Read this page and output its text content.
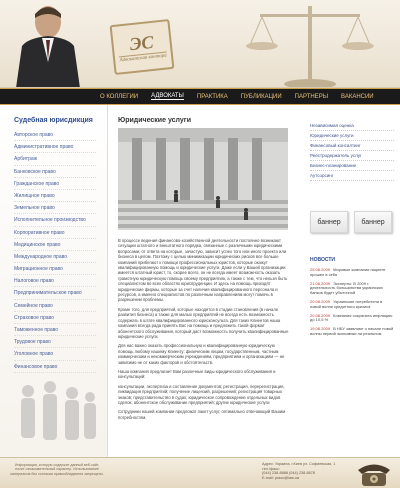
ЭС
Адвокатская контора
О КОЛЛЕГИИ АДВОКАТЫ ПРАКТИКА ПУБЛИКАЦИИ ПАРТНЕРЫ ВАКАНСИИ
Судебная юрисдикция
Авторское право
Административное право
Арбитраж
Банковское право
Гражданское право
Жилищное право
Земельное право
Исполнительное производство
Корпоративное право
Медицинское право
Международное право
Миграционное право
Налоговое право
Предпринимательское право
Семейное право
Страховое право
Таможенное право
Трудовое право
Уголовное право
Финансовое право
Юридические услуги

В процессе ведения финансово-хозяйственной деятельности постоянно возникают ситуации штатного и внештатного порядка, связанные с различными юридическими вопросами, от ответа на которые, зачастую, зависит успех того или иного проекта или бизнеса в целом. Поэтому с целью минимизации юридических рисков все больше компаний прибегают к помощи профессиональных юристов, которые окажут квалифицированную помощь и юридические услуги. Даже если у Вашей организации имеется штатный юрист, то, скорее всего, он не всегда имеет возможность оказать грамотную юридическую помощь своему предприятию, а также с тем, что нельзя быть специалистом во всех областях юриспруденции. И здесь на помощь приходят юридические фирмы, которые за счет наличия квалифицированного персонала и ресурсов, а именно специалистов по различным направлениям могут помочь в разрешении проблемы.

Кроме того, для предприятий, которые находятся в стадии становления (в начале развития бизнеса) а также для малых предприятий не всегда есть возможность содержать в штате квалифицированного юрисконсульта. Для таких Клиентов наша компания всегда рада принять Вас на помощь и предложить такой формат абонентского обслуживания, который даст возможность получить квалифицированные юридические услуги.

Для нас важно оказать профессиональную и квалифицированную юридическую помощь любому нашему Клиенту: физическим лицам, государственным, частным коммерческим и некоммерческим учреждениям, предприятиям и организациям — не зависимо не от каких факторов и обстоятельств.

Наша компания предлагает Вам различные виды юридического обслуживания и консультаций:

консультации, экспертиза и составление документов; регистрация, перерегистрация, ликвидация предприятий; получение лицензий, разрешений; регистрация товарных знаков; представительство в судах; юридическое сопровождение отдельных видов сделок; абонентское обслуживание предприятий; другие юридические услуги

Сотрудники нашей компании предложат пакет услуг, оптимально отвечающий Вашим потребностям.

Независимая оценка
Юридические услуги
Финансовый консалтинг
Реестродержатель услуг
Бизнес-планирование
Аутсорсинг
баннер	баннер
НОВОСТИ
25.08.2009 Мировые компании пациент прошел в себя
21.08.2009 Эксперты: В 2009 г. деятельность большинства украинских банков будет убыточной
20.08.2009 Украинские потребители в новой волне кредитного кризиса
20.08.2009 Компания сократила инфляцию до 10,5 %
19.08.2009 В НБУ заявляют о начале новой волны первой экономики на реальном
Информация, которую содержит данный веб-сайт, носит ознакомительный характер. Использование материалов без согласия правообладателя запрещено.
Адрес: Украина, г.Киев ул. Софиевская, 1
тел./факс:
(044) 238-8888 (044) 238-8878
E-mail: pravo@law.ua
